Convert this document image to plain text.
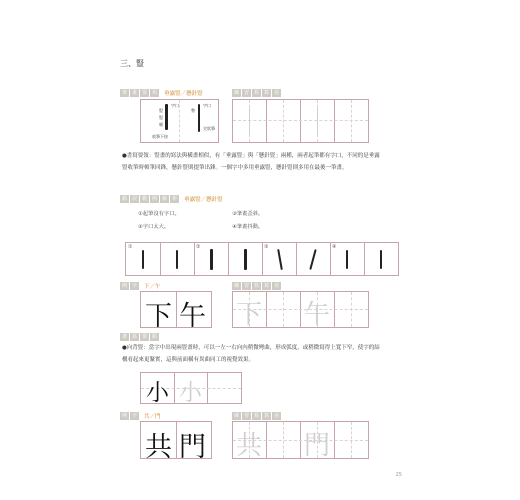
三、豎
筆	畫	要	領	垂露豎／懸針豎	練	習	寫	寫	看
字口	字口
豎	勢
豎
頓
收筆下按
尖狀筆
●書寫要領：豎畫的寫法與橫畫相似，有「垂露豎」與「懸針豎」兩種，兩者起筆都有字口，不同的是垂露豎收筆時頓筆回鋒，懸針豎則提筆出鋒。一個字中多用垂露豎，懸針豎則多用在最後一筆畫。
錯	誤	範	例	解	析	垂露豎／懸針豎
①起筆沒有字口。
②字口太大。
③筆畫歪斜。
④筆畫抖動。
①	②	③	④
例	字	下／午	練	習	寫	寫	看
下 午 下 午
書	寫	要	點
●向背豎：當字中出現兩豎畫時，可以一左一右向內稍微彎曲，形成弧度，或稍微寫得上寬下窄，使字的結構看起來更緊實，這與前面橫有異曲同工的視覺效果。
小 小
例	字	共／門	練	習	寫	寫	看
共 門 共 門
25
